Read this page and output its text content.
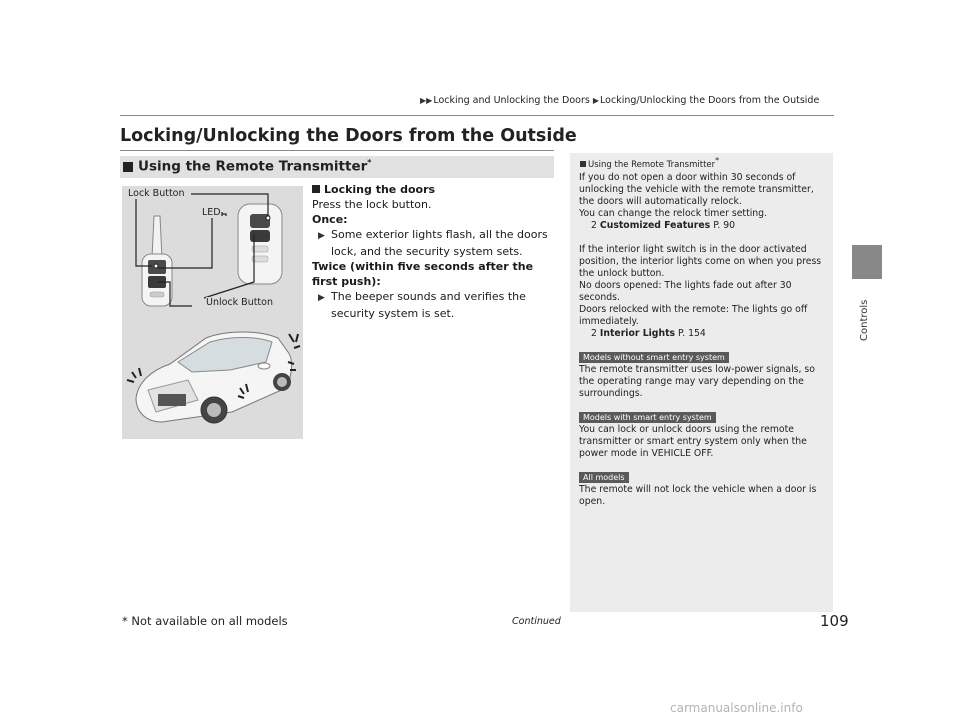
▶▶Locking and Unlocking the Doors ▶Locking/Unlocking the Doors from the Outside
Locking/Unlocking the Doors from the Outside
Using the Remote Transmitter*
Lock Button
LED
Unlock Button
Locking the doors
Press the lock button.
Once:
▶ Some exterior lights flash, all the doors lock, and the security system sets.
Twice (within five seconds after the first push):
▶ The beeper sounds and verifies the security system is set.
Using the Remote Transmitter*

If you do not open a door within 30 seconds of unlocking the vehicle with the remote transmitter, the doors will automatically relock.

You can change the relock timer setting.

2 Customized Features P. 90

If the interior light switch is in the door activated position, the interior lights come on when you press the unlock button.

No doors opened: The lights fade out after 30 seconds.

Doors relocked with the remote: The lights go off immediately.

2 Interior Lights P. 154

Models without smart entry system

The remote transmitter uses low-power signals, so the operating range may vary depending on the surroundings.

Models with smart entry system

You can lock or unlock doors using the remote transmitter or smart entry system only when the power mode in VEHICLE OFF.

All models

The remote will not lock the vehicle when a door is open.

Controls
* Not available on all models	Continued	109
carmanualsonline.info
